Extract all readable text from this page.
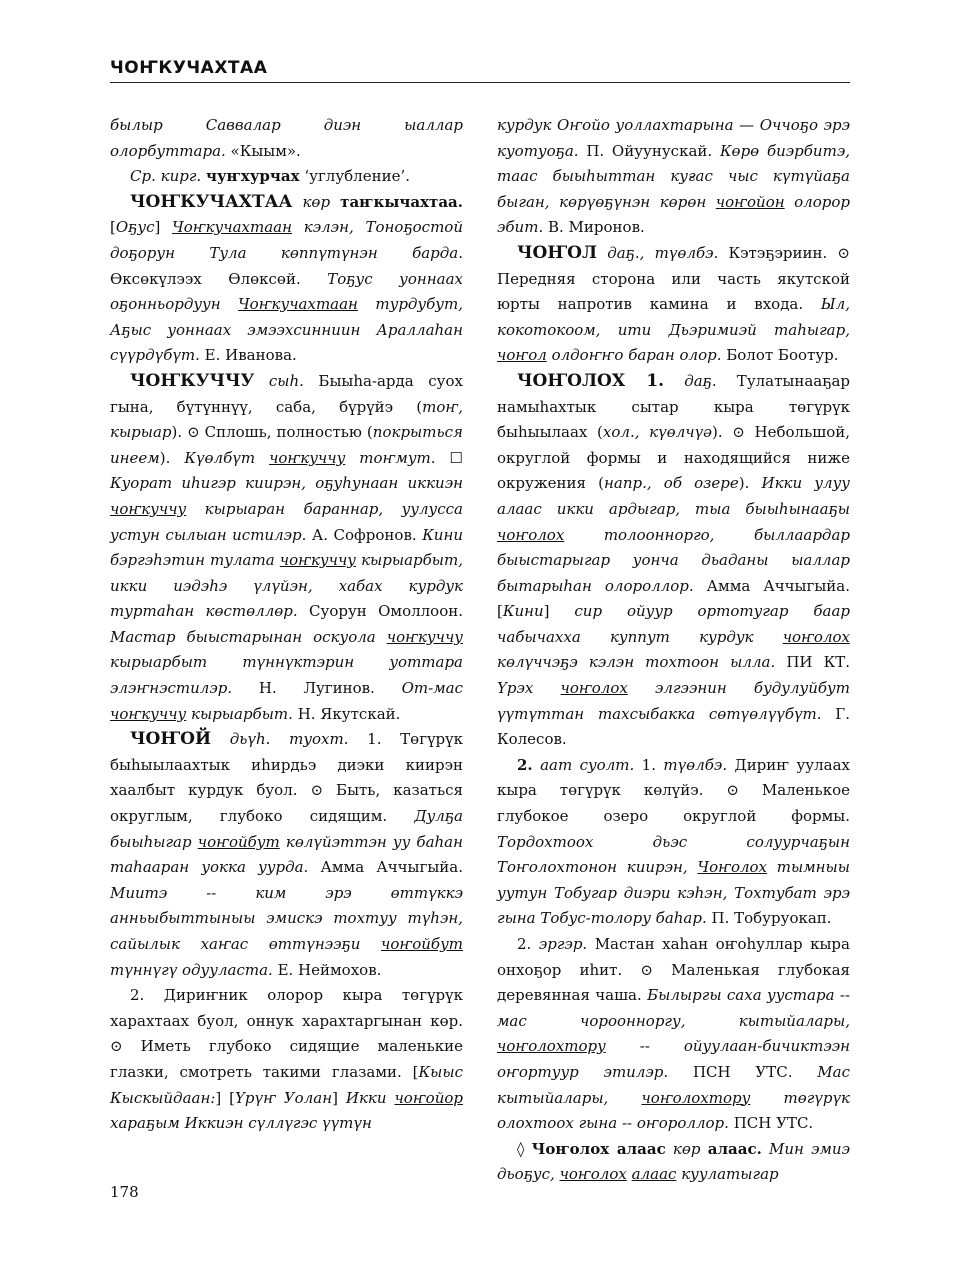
ЧОҤКУЧАХТАА

былыр Саввалар диэн ыаллар олорбуттара. «Кыым».

Ср. кирг. чуҥхурчах ‘углубление’.

ЧОҤКУЧАХТАА көр таҥкычахтаа. [Оҕус] Чоҥкучахтаан кэлэн, Тоноҕостой доҕорун Тула көппүтүнэн барда. Өксөкүлээх Өлөксөй. Тоҕус уоннаах оҕонньордуун Чоҥкучахтаан турдубут, Аҕыс уоннаах эмээхсинниин Араллаһан сүүрдүбүт. Е. Иванова.

ЧОҤКУЧЧУ сыһ. Быыһа-арда суох гына, бүтүннүү, саба, бүрүйэ (тоҥ, кырыар). ⊙ Сплошь, полностью (покрыться инеем). Күөлбүт чоҥкуччу тоҥмут. ☐ Куорат иһигэр киирэн, оҕуһунаан иккиэн чоҥкуччу кырыаран бараннар, уулусса устун сылыан истилэр. А. Софронов. Кини бэргэһэтин тулата чоҥкуччу кырыарбыт, икки иэдэһэ үлүйэн, хабах курдук туртаһан көстөллөр. Суорун Омоллоон. Мастар быыстарынан оскуола чоҥкуччу кырыарбыт түннүктэрин уоттара элэҥнэстилэр. Н. Лугинов. От-мас чоҥкуччу кырыарбыт. Н. Якутскай.

ЧОҤОЙ дьүһ. туохт. 1. Төгүрүк быһыылаахтык иһирдьэ диэки киирэн хаалбыт курдук буол. ⊙ Быть, казаться округлым, глубоко сидящим. Дулҕа быыһыгар чоҥойбут көлүйэттэн уу баһан таһааран уокка уурда. Амма Аччыгыйа. Миитэ -- ким эрэ өттүккэ анньыбыттыныы эмискэ тохтуу түһэн, сайылык хаҥас өттүнээҕи чоҥойбут түннүгү одууласта. Е. Неймохов.

2. Дириҥник олорор кыра төгүрүк харахтаах буол, оннук харахтаргынан көр. ⊙ Иметь глубоко сидящие маленькие глазки, смотреть такими глазами. [Кыыс Кыскыйдаан:] [Үрүҥ Уолан] Икки чоҥойор хараҕым Иккиэн сүллүгэс үүтүн

курдук Оҥойо уоллахтарына — Оччоҕо эрэ куотуоҕа. П. Ойуунускай. Көрө биэрбитэ, таас быыһыттан куғас чыс күтүйаҕа быган, көрүөҕүнэн көрөн чоҥойон олорор эбит. В. Миронов.

ЧОҤОЛ даҕ., түөлбэ. Кэтэҕэриин. ⊙ Передняя сторона или часть якутской юрты напротив камина и входа. Ыл, кокотокоом, ити Дьэримиэй таһыгар, чоҥол олдоҥҥо баран олор. Болот Боотур.

ЧОҤОЛОХ 1. даҕ. Тулатынааҕар намыһахтык сытар кыра төгүрүк быһыылаах (хол., күөлчүә). ⊙ Небольшой, округлой формы и находящийся ниже окружения (напр., об озере). Икки улуу алаас икки ардыгар, тыа быыһынааҕы чоҥолох толоонноргo, быллаардар быыстарыгар уонча дьаданы ыаллар бытарыһан олороллор. Амма Аччыгыйа. [Кини] сир ойуур ортотугар баар чабычахха куппут курдук чоҥолох көлүччэҕэ кэлэн тохтоон ылла. ПИ КТ. Үрэх чоҥолох элгээнин будулуйбут үүтүттан тахсыбакка сөтүөлүүбүт. Г. Колесов.

2. аат суолт. 1. түөлбэ. Дириҥ уулаах кыра төгүрүк көлүйэ. ⊙ Маленькое глубокое озеро округлой формы. Тордохтоох дьэс солуурчаҕын Тоҥолохтонон киирэн, Чоҥолох тымныы уутун Тобугар диэри кэһэн, Тохтубат эрэ гына Тобус-толору баһар. П. Тобуруокап.

2. эргэр. Мастан хаһан оҥоһуллар кыра онхоҕор иһит. ⊙ Маленькая глубокая деревянная чаша. Былыргы саха уустара -- мас чороонноргу, кытыйалары, чоҥолохтору -- ойуулаан-бичиктээн оҥортуур этилэр. ПСН УТС. Мас кытыйалары, чоҥолохтору төгүрүк олохтоох гына -- оҥороллор. ПСН УТС.

◊ Чоҥолох алаас көр алаас. Мин эмиэ дьоҕус, чоҥолох алаас куулатыгар

178
